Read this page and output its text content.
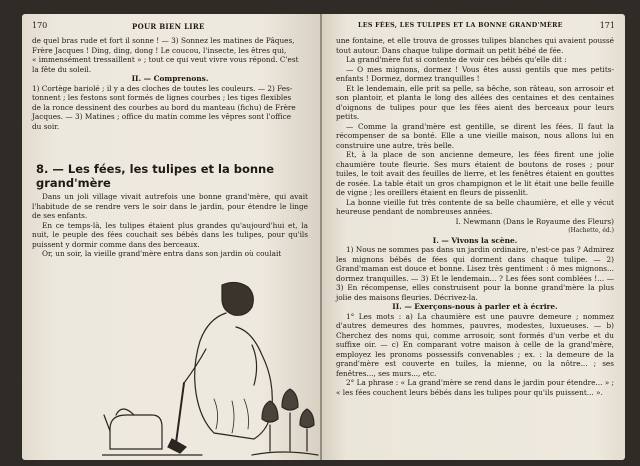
170	POUR BIEN LIRE

de quel bras rude et fort il sonne ! — 3) Sonnez les matines de Pâques,

Frère Jacques ! Ding, ding, dong ! Le coucou, l'insecte, les êtres qui,

« immensément tressaillent » ; tout ce qui veut vivre vous répond. C'est

la fête du soleil.

II. — Comprenons.

1) Cortège bariolé ; il y a des cloches de toutes les couleurs. — 2) Fes-

tonnent ; les festons sont formés de lignes courbes ; les tiges flexibles

de la ronce dessinent des courbes au bord du manteau (fichu) de Frère

Jacques. — 3) Matines ; office du matin comme les vêpres sont l'office

du soir.

8. — Les fées, les tulipes et la bonne grand'mère

Dans un joli village vivait autrefois une bonne grand'mère, qui avait l'habitude de se rendre vers le soir dans le jardin, pour étendre le linge de ses enfants.

En ce temps-là, les tulipes étaient plus grandes qu'aujourd'hui et, la nuit, le peuple des fées couchait ses bébés dans les tulipes, pour qu'ils puissent y dormir comme dans des berceaux.

Or, un soir, la vieille grand'mère entra dans son jardin où coulait

LES FÉES, LES TULIPES ET LA BONNE GRAND'MÈRE	171

une fontaine, et elle trouva de grosses tulipes blanches qui avaient poussé tout autour. Dans chaque tulipe dormait un petit bébé de fée.

La grand'mère fut si contente de voir ces bébés qu'elle dit :

— O mes mignons, dormez ! Vous êtes aussi gentils que mes petits-enfants ! Dormez, dormez tranquilles !

Et le lendemain, elle prit sa pelle, sa bêche, son râteau, son arrosoir et son plantoir, et planta le long des allées des centaines et des centaines d'oignons de tulipes pour que les fées aient des berceaux pour leurs petits.

— Comme la grand'mère est gentille, se dirent les fées. Il faut la récompenser de sa bonté. Elle a une vieille maison, nous allons lui en construire une autre, très belle.

Et, à la place de son ancienne demeure, les fées firent une jolie chaumière toute fleurie. Ses murs étaient de boutons de roses ; pour tuiles, le toit avait des feuilles de lierre, et les fenêtres étaient en gouttes de rosée. La table était un gros champignon et le lit était une belle feuille de vigne ; les oreillers étaient en fleurs de pissenlit.

La bonne vieille fut très contente de sa belle chaumière, et elle y vécut heureuse pendant de nombreuses années.

I. Newmann (Dans le Royaume des Fleurs)

(Hachette, éd.)

I. — Vivons la scène.

1) Nous ne sommes pas dans un jardin ordinaire, n'est-ce pas ? Admirez les mignons bébés de fées qui dorment dans chaque tulipe. — 2) Grand'maman est douce et bonne. Lisez très gentiment : ô mes mignons... dormez tranquilles. — 3) Et le lendemain... ? Les fées sont comblées !... — 3) En récompense, elles construisent pour la bonne grand'mère la plus jolie des maisons fleuries. Décrivez-la.

II. — Exerçons-nous à parler et à écrire.

1° Les mots : a) La chaumière est une pauvre demeure ; nommez d'autres demeures des hommes, pauvres, modestes, luxueuses. — b) Cherchez des noms qui, comme arrosoir, sont formés d'un verbe et du suffixe oir. — c) En comparant votre maison à celle de la grand'mère, employez les pronoms possessifs convenables ; ex. : la demeure de la grand'mère est couverte en tuiles, la mienne, ou la nôtre... ; ses fenêtres..., ses murs..., etc.

2° La phrase : « La grand'mère se rend dans le jardin pour étendre... » ; « les fées couchent leurs bébés dans les tulipes pour qu'ils puissent... ».
